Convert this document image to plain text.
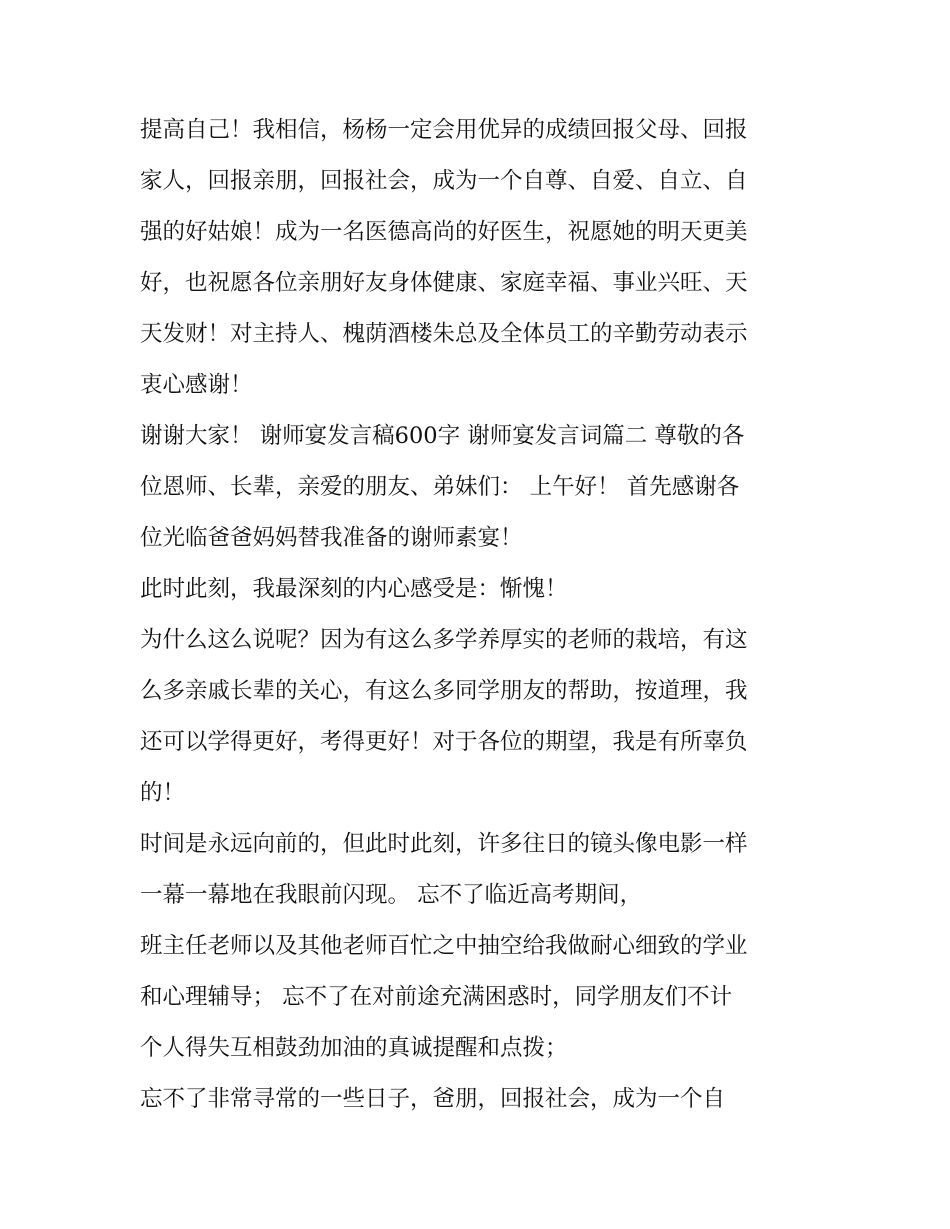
提高自己！我相信，杨杨一定会用优异的成绩回报父母、回报
家人，回报亲朋，回报社会，成为一个自尊、自爱、自立、自
强的好姑娘！成为一名医德高尚的好医生，祝愿她的明天更美
好，也祝愿各位亲朋好友身体健康、家庭幸福、事业兴旺、天
天发财！对主持人、槐荫酒楼朱总及全体员工的辛勤劳动表示
衷心感谢！
谢谢大家！ 谢师宴发言稿600字 谢师宴发言词篇二 尊敬的各
位恩师、长辈，亲爱的朋友、弟妹们： 上午好！ 首先感谢各
位光临爸爸妈妈替我准备的谢师素宴！
此时此刻，我最深刻的内心感受是：惭愧！
为什么这么说呢？因为有这么多学养厚实的老师的栽培，有这
么多亲戚长辈的关心，有这么多同学朋友的帮助，按道理，我
还可以学得更好，考得更好！对于各位的期望，我是有所辜负
的！
时间是永远向前的，但此时此刻，许多往日的镜头像电影一样
一幕一幕地在我眼前闪现。 忘不了临近高考期间，
班主任老师以及其他老师百忙之中抽空给我做耐心细致的学业
和心理辅导； 忘不了在对前途充满困惑时，同学朋友们不计
个人得失互相鼓劲加油的真诚提醒和点拨；
忘不了非常寻常的一些日子，爸朋，回报社会，成为一个自
